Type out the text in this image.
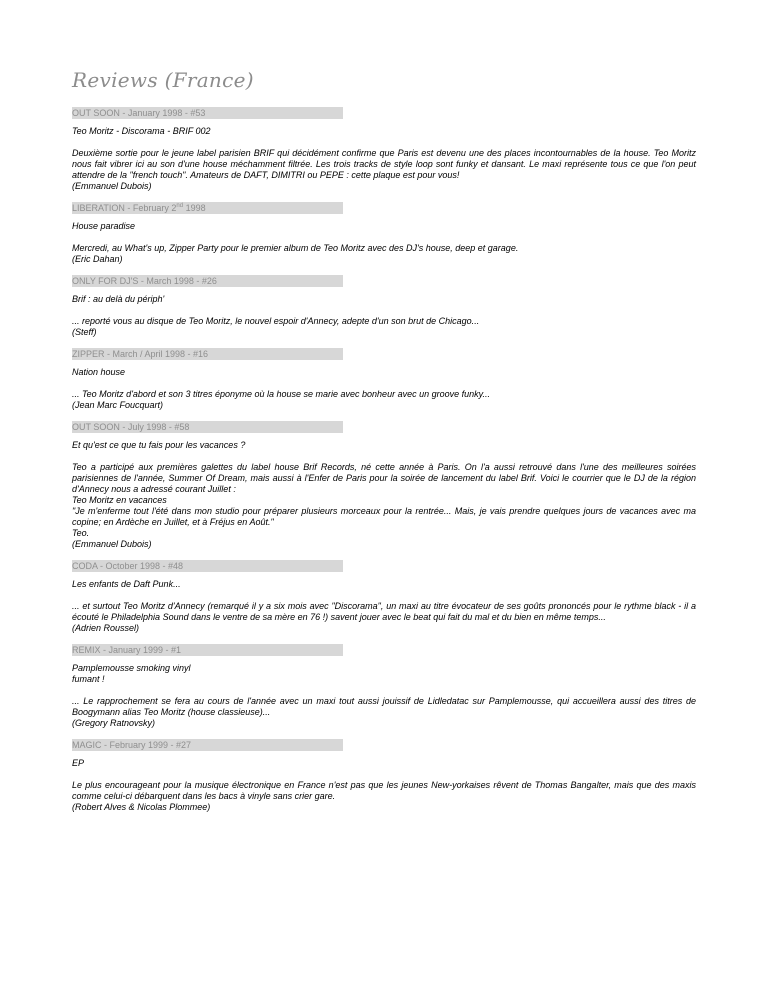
Reviews (France)
OUT SOON - January 1998 - #53
Teo Moritz - Discorama - BRIF 002

Deuxième sortie pour le jeune label parisien BRIF qui décidément confirme que Paris est devenu une des places incontournables de la house. Teo Moritz nous fait vibrer ici au son d'une house méchamment filtrée. Les trois tracks de style loop sont funky et dansant. Le maxi représente tous ce que l'on peut attendre de la "french touch". Amateurs de DAFT, DIMITRI ou PEPE : cette plaque est pour vous!

(Emmanuel Dubois)

LIBERATION - February 2nd 1998
House paradise

Mercredi, au What's up, Zipper Party pour le premier album de Teo Moritz avec des DJ's house, deep et garage.

(Eric Dahan)

ONLY FOR DJ'S - March 1998 - #26
Brif : au delà du périph'

... reporté vous au disque de Teo Moritz, le nouvel espoir d'Annecy, adepte d'un son brut de Chicago...

(Steff)

ZIPPER - March / April 1998 - #16
Nation house

... Teo Moritz d'abord et son 3 titres éponyme où la house se marie avec bonheur avec un groove funky...

(Jean Marc Foucquart)

OUT SOON - July 1998 - #58
Et qu'est ce que tu fais pour les vacances ?

Teo a participé aux premières galettes du label house Brif Records, né cette année à Paris. On l'a aussi retrouvé dans l'une des meilleures soirées parisiennes de l'année, Summer Of Dream, mais aussi à l'Enfer de Paris pour la soirée de lancement du label Brif. Voici le courrier que le DJ de la région d'Annecy nous a adressé courant Juillet :

Teo Moritz en vacances

"Je m'enferme tout l'été dans mon studio pour préparer plusieurs morceaux pour la rentrée... Mais, je vais prendre quelques jours de vacances avec ma copine; en Ardèche en Juillet, et à Fréjus en Août."

Teo.

(Emmanuel Dubois)

CODA - October 1998 - #48
Les enfants de Daft Punk...

... et surtout Teo Moritz d'Annecy (remarqué il y a six mois avec "Discorama", un maxi au titre évocateur de ses goûts prononcés pour le rythme black - il a écouté le Philadelphia Sound dans le ventre de sa mère en 76 !) savent jouer avec le beat qui fait du mal et du bien en même temps...

(Adrien Roussel)

REMIX - January 1999 - #1
Pamplemousse smoking vinyl
fumant !

... Le rapprochement se fera au cours de l'année avec un maxi tout aussi jouissif de Lidledatac sur Pamplemousse, qui accueillera aussi des titres de Boogymann alias Teo Moritz (house classieuse)...

(Gregory Ratnovsky)

MAGIC - February 1999 - #27
EP

Le plus encourageant pour la musique électronique en France n'est pas que les jeunes New-yorkaises rêvent de Thomas Bangalter, mais que des maxis comme celui-ci débarquent dans les bacs à vinyle sans crier gare.

(Robert Alves & Nicolas Plommee)
